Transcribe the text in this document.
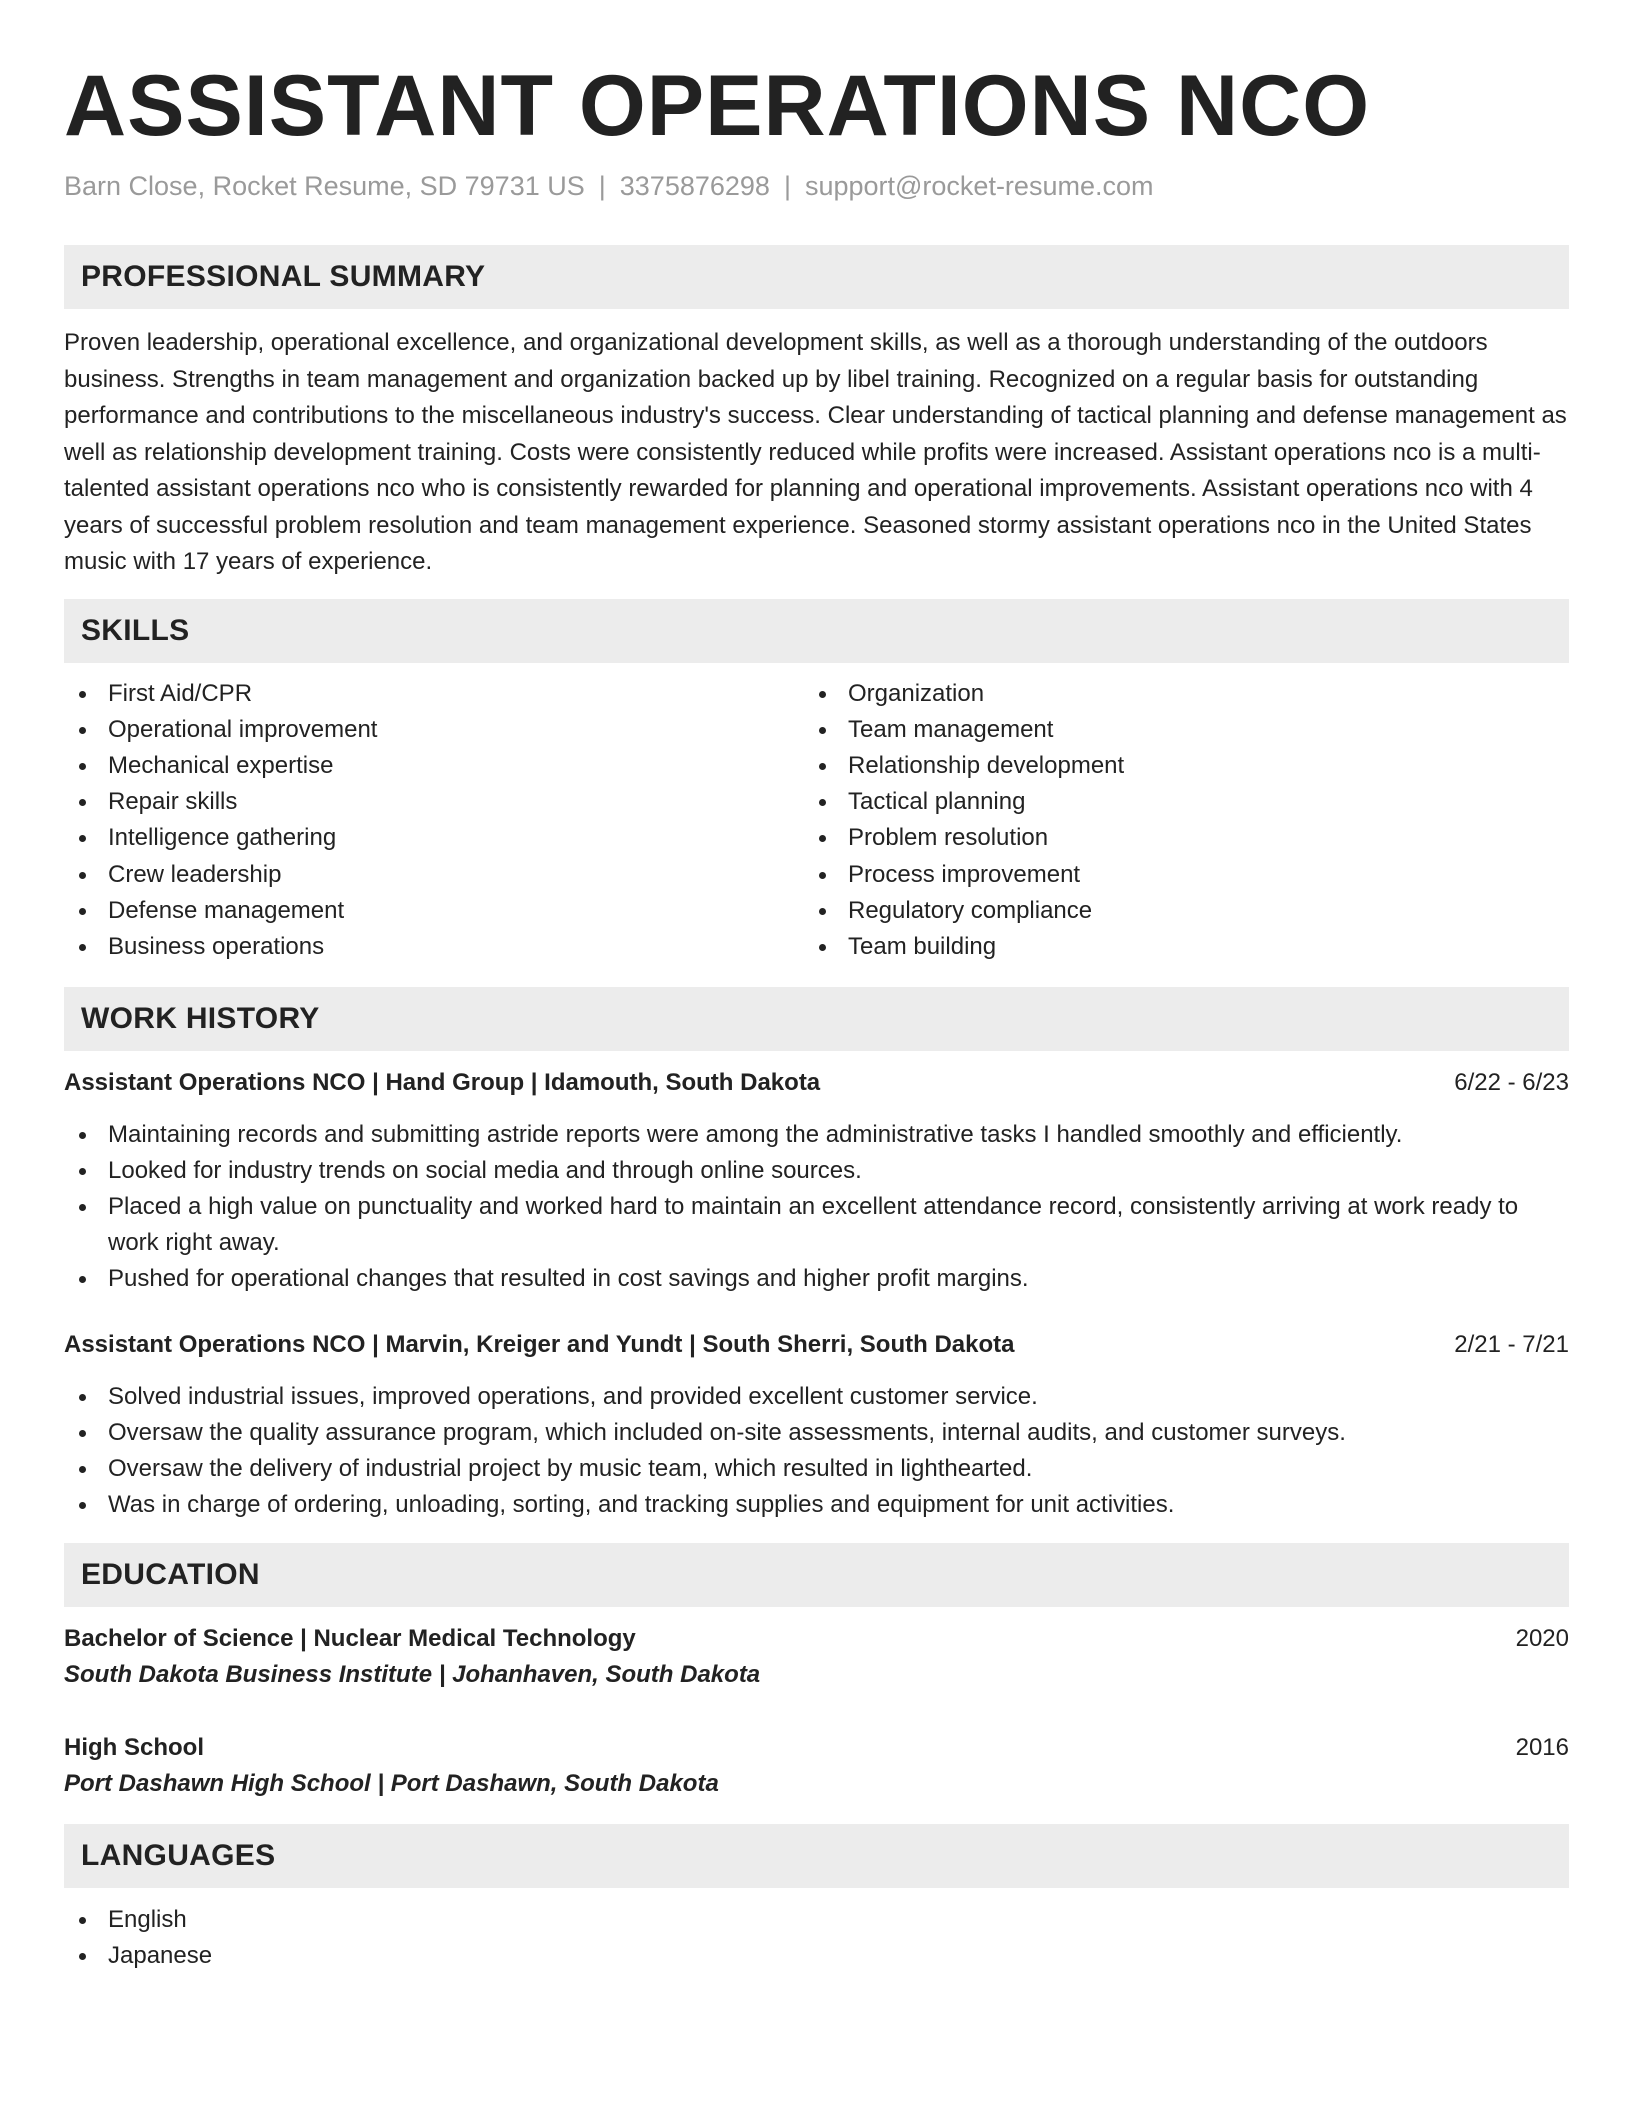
ASSISTANT OPERATIONS NCO
Barn Close, Rocket Resume, SD 79731 US | 3375876298 | support@rocket-resume.com
PROFESSIONAL SUMMARY

Proven leadership, operational excellence, and organizational development skills, as well as a thorough understanding of the outdoors business. Strengths in team management and organization backed up by libel training. Recognized on a regular basis for outstanding performance and contributions to the miscellaneous industry's success. Clear understanding of tactical planning and defense management as well as relationship development training. Costs were consistently reduced while profits were increased. Assistant operations nco is a multi-talented assistant operations nco who is consistently rewarded for planning and operational improvements. Assistant operations nco with 4 years of successful problem resolution and team management experience. Seasoned stormy assistant operations nco in the United States music with 17 years of experience.

SKILLS
First Aid/CPR
Operational improvement
Mechanical expertise
Repair skills
Intelligence gathering
Crew leadership
Defense management
Business operations
Organization
Team management
Relationship development
Tactical planning
Problem resolution
Process improvement
Regulatory compliance
Team building
WORK HISTORY
Assistant Operations NCO | Hand Group | Idamouth, South Dakota	6/22 - 6/23
Maintaining records and submitting astride reports were among the administrative tasks I handled smoothly and efficiently.
Looked for industry trends on social media and through online sources.
Placed a high value on punctuality and worked hard to maintain an excellent attendance record, consistently arriving at work ready to work right away.
Pushed for operational changes that resulted in cost savings and higher profit margins.
Assistant Operations NCO | Marvin, Kreiger and Yundt | South Sherri, South Dakota	2/21 - 7/21
Solved industrial issues, improved operations, and provided excellent customer service.
Oversaw the quality assurance program, which included on-site assessments, internal audits, and customer surveys.
Oversaw the delivery of industrial project by music team, which resulted in lighthearted.
Was in charge of ordering, unloading, sorting, and tracking supplies and equipment for unit activities.
EDUCATION
Bachelor of Science | Nuclear Medical Technology	2020
South Dakota Business Institute | Johanhaven, South Dakota
High School	2016
Port Dashawn High School | Port Dashawn, South Dakota
LANGUAGES
English
Japanese
